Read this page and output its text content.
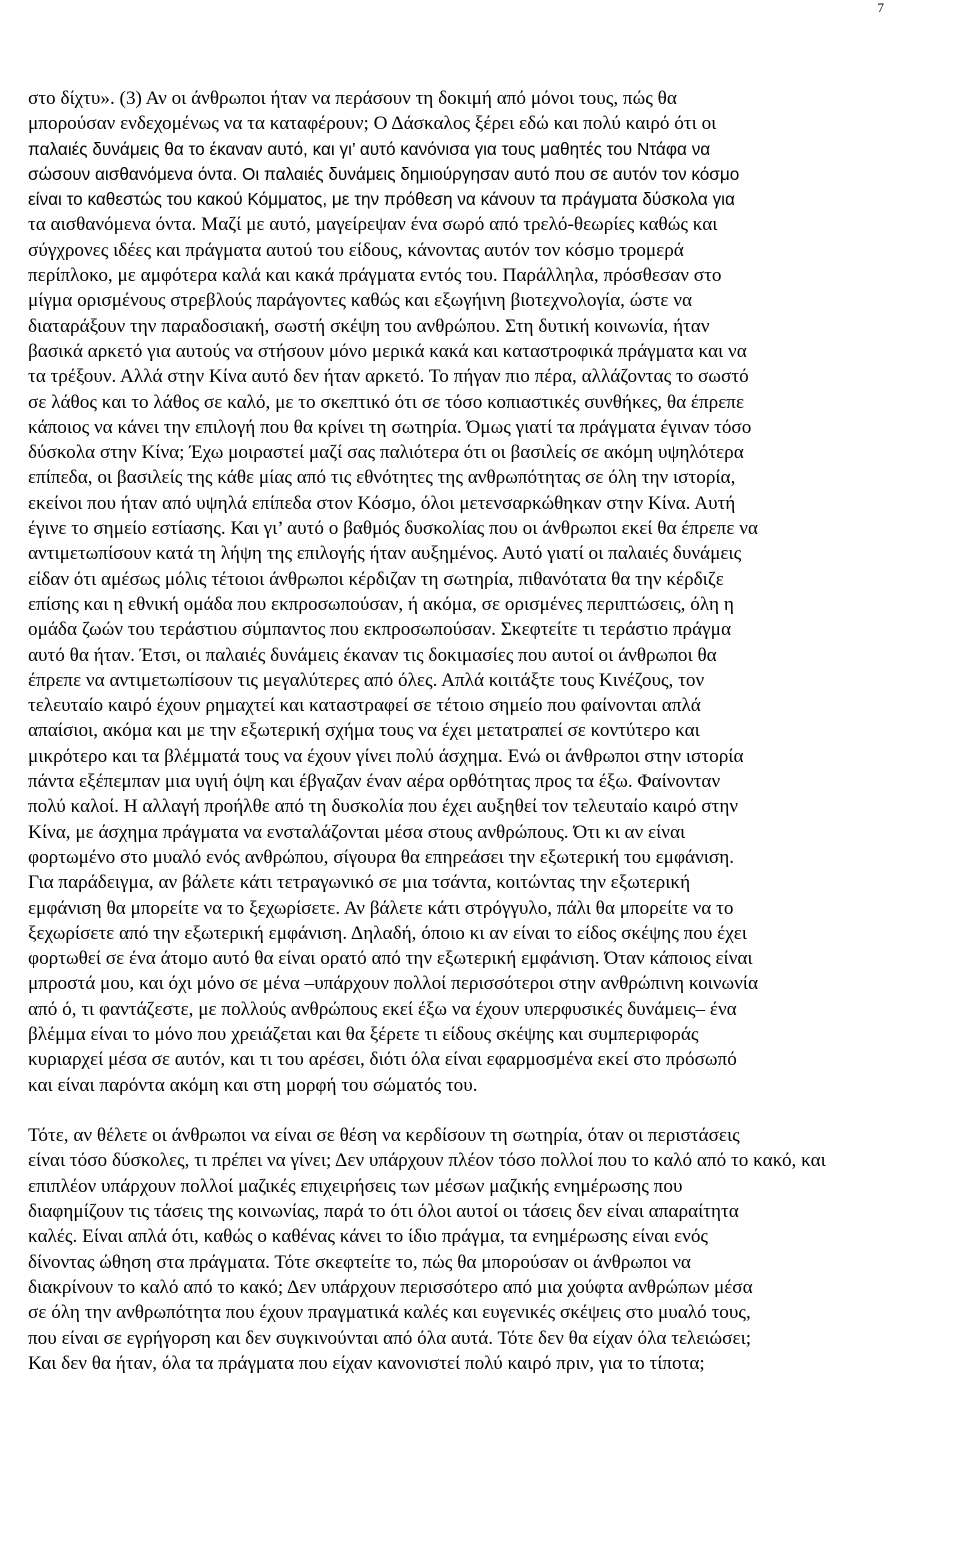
7
στο δίχτυ». (3) Αν οι άνθρωποι ήταν να περάσουν τη δοκιμή από μόνοι τους, πώς θα
μπορούσαν ενδεχομένως να τα καταφέρουν; Ο Δάσκαλος ξέρει εδώ και πολύ καιρό ότι οι
παλαιές δυνάμεις θα το έκαναν αυτό, και γι’ αυτό κανόνισα για τους μαθητές του Ντάφα να
σώσουν αισθανόμενα όντα. Οι παλαιές δυνάμεις δημιούργησαν αυτό που σε αυτόν τον κόσμο
είναι το καθεστώς του κακού Κόμματος, με την πρόθεση να κάνουν τα πράγματα δύσκολα για
τα αισθανόμενα όντα. Μαζί με αυτό, μαγείρεψαν ένα σωρό από τρελό-θεωρίες καθώς και
σύγχρονες ιδέες και πράγματα αυτού του είδους, κάνοντας αυτόν τον κόσμο τρομερά
περίπλοκο, με αμφότερα καλά και κακά πράγματα εντός του. Παράλληλα, πρόσθεσαν στο
μίγμα ορισμένους στρεβλούς παράγοντες καθώς και εξωγήινη βιοτεχνολογία, ώστε να
διαταράξουν την παραδοσιακή, σωστή σκέψη του ανθρώπου. Στη δυτική κοινωνία, ήταν
βασικά αρκετό για αυτούς να στήσουν μόνο μερικά κακά και καταστροφικά πράγματα και να
τα τρέξουν. Αλλά στην Κίνα αυτό δεν ήταν αρκετό. Το πήγαν πιο πέρα, αλλάζοντας το σωστό
σε λάθος και το λάθος σε καλό, με το σκεπτικό ότι σε τόσο κοπιαστικές συνθήκες, θα έπρεπε
κάποιος να κάνει την επιλογή που θα κρίνει τη σωτηρία. Όμως γιατί τα πράγματα έγιναν τόσο
δύσκολα στην Κίνα; Έχω μοιραστεί μαζί σας παλιότερα ότι οι βασιλείς σε ακόμη υψηλότερα
επίπεδα, οι βασιλείς της κάθε μίας από τις εθνότητες της ανθρωπότητας σε όλη την ιστορία,
εκείνοι που ήταν από υψηλά επίπεδα στον Κόσμο, όλοι μετενσαρκώθηκαν στην Κίνα. Αυτή
έγινε το σημείο εστίασης. Και γι’ αυτό ο βαθμός δυσκολίας που οι άνθρωποι εκεί θα έπρεπε να
αντιμετωπίσουν κατά τη λήψη της επιλογής ήταν αυξημένος. Αυτό γιατί οι παλαιές δυνάμεις
είδαν ότι αμέσως μόλις τέτοιοι άνθρωποι κέρδιζαν τη σωτηρία, πιθανότατα θα την κέρδιζε
επίσης και η εθνική ομάδα που εκπροσωπούσαν, ή ακόμα, σε ορισμένες περιπτώσεις, όλη η
ομάδα ζωών του τεράστιου σύμπαντος που εκπροσωπούσαν. Σκεφτείτε τι τεράστιο πράγμα
αυτό θα ήταν. Έτσι, οι παλαιές δυνάμεις έκαναν τις δοκιμασίες που αυτοί οι άνθρωποι θα
έπρεπε να αντιμετωπίσουν τις μεγαλύτερες από όλες. Απλά κοιτάξτε τους Κινέζους, τον
τελευταίο καιρό έχουν ρημαχτεί και καταστραφεί σε τέτοιο σημείο που φαίνονται απλά
απαίσιοι, ακόμα και με την εξωτερική σχήμα τους να έχει μετατραπεί σε κοντύτερο και
μικρότερο και τα βλέμματά τους να έχουν γίνει πολύ άσχημα. Ενώ οι άνθρωποι στην ιστορία
πάντα εξέπεμπαν μια υγιή όψη και έβγαζαν έναν αέρα ορθότητας προς τα έξω. Φαίνονταν
πολύ καλοί. Η αλλαγή προήλθε από τη δυσκολία που έχει αυξηθεί τον τελευταίο καιρό στην
Κίνα, με άσχημα πράγματα να ενσταλάζονται μέσα στους ανθρώπους. Ότι κι αν είναι
φορτωμένο στο μυαλό ενός ανθρώπου, σίγουρα θα επηρεάσει την εξωτερική του εμφάνιση.
Για παράδειγμα, αν βάλετε κάτι τετραγωνικό σε μια τσάντα, κοιτώντας την εξωτερική
εμφάνιση θα μπορείτε να το ξεχωρίσετε. Αν βάλετε κάτι στρόγγυλο, πάλι θα μπορείτε να το
ξεχωρίσετε από την εξωτερική εμφάνιση. Δηλαδή, όποιο κι αν είναι το είδος σκέψης που έχει
φορτωθεί σε ένα άτομο αυτό θα είναι ορατό από την εξωτερική εμφάνιση. Όταν κάποιος είναι
μπροστά μου, και όχι μόνο σε μένα –υπάρχουν πολλοί περισσότεροι στην ανθρώπινη κοινωνία
από ό, τι φαντάζεστε, με πολλούς ανθρώπους εκεί έξω να έχουν υπερφυσικές δυνάμεις– ένα
βλέμμα είναι το μόνο που χρειάζεται και θα ξέρετε τι είδους σκέψης και συμπεριφοράς
κυριαρχεί μέσα σε αυτόν, και τι του αρέσει, διότι όλα είναι εφαρμοσμένα εκεί στο πρόσωπό
και είναι παρόντα ακόμη και στη μορφή του σώματός του.
Τότε, αν θέλετε οι άνθρωποι να είναι σε θέση να κερδίσουν τη σωτηρία, όταν οι περιστάσεις
είναι τόσο δύσκολες, τι πρέπει να γίνει; Δεν υπάρχουν πλέον τόσο πολλοί που το καλό από το κακό, και
επιπλέον υπάρχουν πολλοί μαζικές επιχειρήσεις των μέσων μαζικής ενημέρωσης που
διαφημίζουν τις τάσεις της κοινωνίας, παρά το ότι όλοι αυτοί οι τάσεις δεν είναι απαραίτητα
καλές. Είναι απλά ότι, καθώς ο καθένας κάνει το ίδιο πράγμα, τα ενημέρωσης είναι ενός
δίνοντας ώθηση στα πράγματα. Τότε σκεφτείτε το, πώς θα μπορούσαν οι άνθρωποι να
διακρίνουν το καλό από το κακό; Δεν υπάρχουν περισσότερο από μια χούφτα ανθρώπων μέσα
σε όλη την ανθρωπότητα που έχουν πραγματικά καλές και ευγενικές σκέψεις στο μυαλό τους,
που είναι σε εγρήγορση και δεν συγκινούνται από όλα αυτά. Τότε δεν θα είχαν όλα τελειώσει;
Και δεν θα ήταν, όλα τα πράγματα που είχαν κανονιστεί πολύ καιρό πριν, για το τίποτα;
